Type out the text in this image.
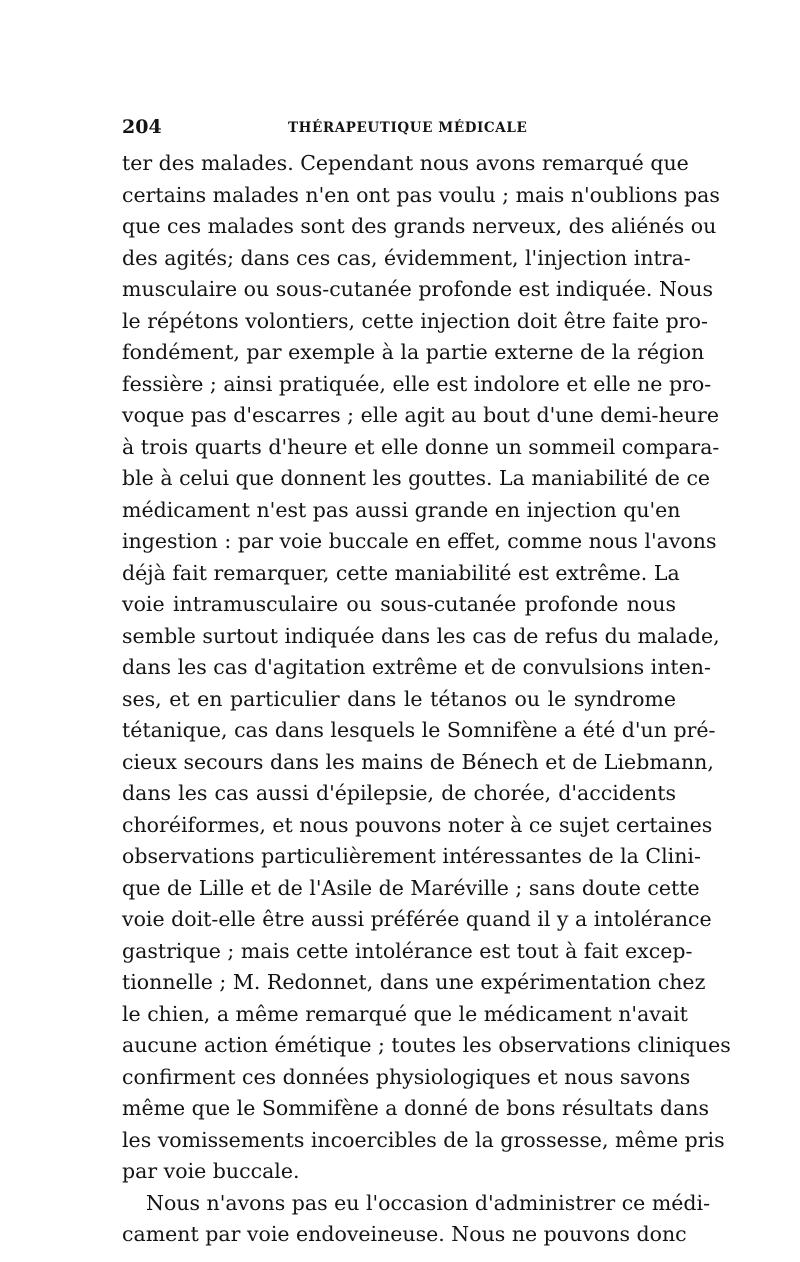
204	THÉRAPEUTIQUE MÉDICALE
ter des malades. Cependant nous avons remarqué que
certains malades n'en ont pas voulu ; mais n'oublions pas
que ces malades sont des grands nerveux, des aliénés ou
des agités; dans ces cas, évidemment, l'injection intra-
musculaire ou sous-cutanée profonde est indiquée. Nous
le répétons volontiers, cette injection doit être faite pro-
fondément, par exemple à la partie externe de la région
fessière ; ainsi pratiquée, elle est indolore et elle ne pro-
voque pas d'escarres ; elle agit au bout d'une demi-heure
à trois quarts d'heure et elle donne un sommeil compara-
ble à celui que donnent les gouttes. La maniabilité de ce
médicament n'est pas aussi grande en injection qu'en
ingestion : par voie buccale en effet, comme nous l'avons
déjà fait remarquer, cette maniabilité est extrême. La
voie intramusculaire ou sous-cutanée profonde nous
semble surtout indiquée dans les cas de refus du malade,
dans les cas d'agitation extrême et de convulsions inten-
ses, et en particulier dans le tétanos ou le syndrome
tétanique, cas dans lesquels le Somnifène a été d'un pré-
cieux secours dans les mains de Bénech et de Liebmann,
dans les cas aussi d'épilepsie, de chorée, d'accidents
choréiformes, et nous pouvons noter à ce sujet certaines
observations particulièrement intéressantes de la Clini-
que de Lille et de l'Asile de Maréville ; sans doute cette
voie doit-elle être aussi préférée quand il y a intolérance
gastrique ; mais cette intolérance est tout à fait excep-
tionnelle ; M. Redonnet, dans une expérimentation chez
le chien, a même remarqué que le médicament n'avait
aucune action émétique ; toutes les observations cliniques
confirment ces données physiologiques et nous savons
même que le Sommifène a donné de bons résultats dans
les vomissements incoercibles de la grossesse, même pris
par voie buccale.
Nous n'avons pas eu l'occasion d'administrer ce médi-
cament par voie endoveineuse. Nous ne pouvons donc
